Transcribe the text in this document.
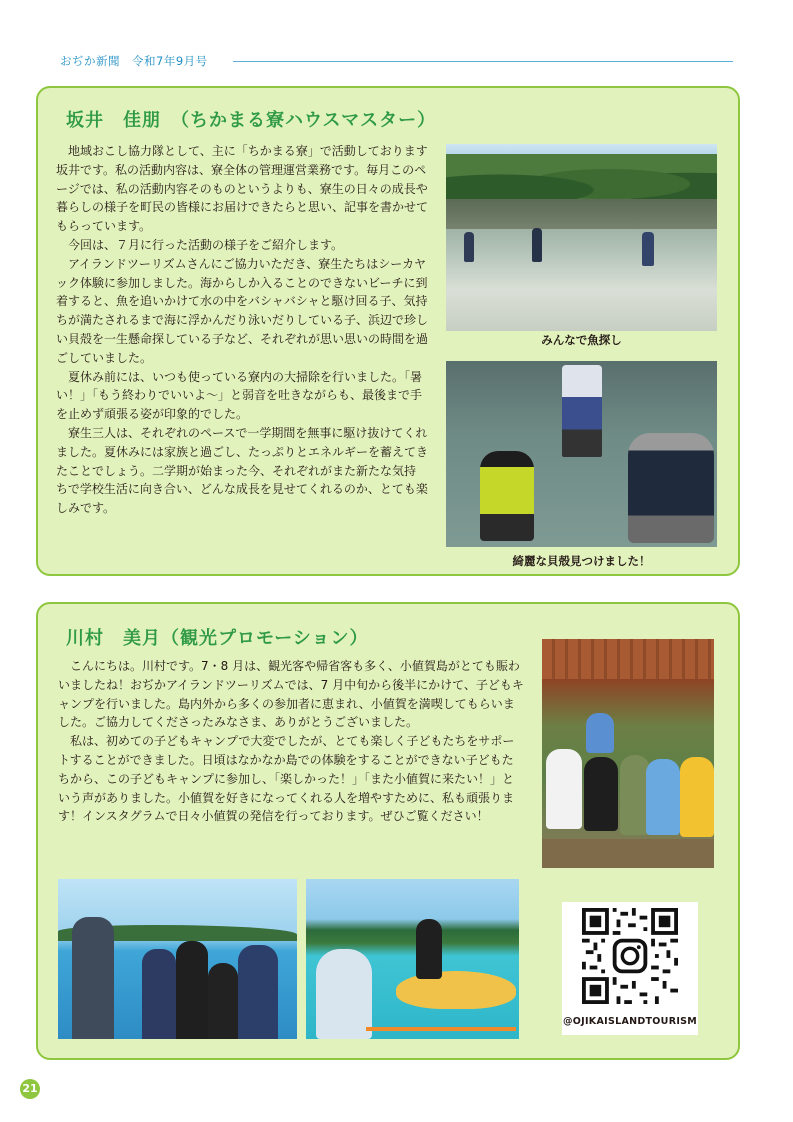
おぢか新聞　令和7年9月号
坂井　佳朋　（ちかまる寮ハウスマスター）

地域おこし協力隊として、主に「ちかまる寮」で活動しております坂井です。私の活動内容は、寮全体の管理運営業務です。毎月このページでは、私の活動内容そのものというよりも、寮生の日々の成長や暮らしの様子を町民の皆様にお届けできたらと思い、記事を書かせてもらっています。

今回は、７月に行った活動の様子をご紹介します。

アイランドツーリズムさんにご協力いただき、寮生たちはシーカヤック体験に参加しました。海からしか入ることのできないビーチに到着すると、魚を追いかけて水の中をバシャバシャと駆け回る子、気持ちが満たされるまで海に浮かんだり泳いだりしている子、浜辺で珍しい貝殻を一生懸命探している子など、それぞれが思い思いの時間を過ごしていました。

夏休み前には、いつも使っている寮内の大掃除を行いました。「暑い！」「もう終わりでいいよ～」と弱音を吐きながらも、最後まで手を止めず頑張る姿が印象的でした。

寮生三人は、それぞれのペースで一学期間を無事に駆け抜けてくれました。夏休みには家族と過ごし、たっぷりとエネルギーを蓄えてきたことでしょう。二学期が始まった今、それぞれがまた新たな気持ちで学校生活に向き合い、どんな成長を見せてくれるのか、とても楽しみです。

みんなで魚探し
綺麗な貝殻見つけました！
川村　美月（観光プロモーション）

こんにちは。川村です。7・8 月は、観光客や帰省客も多く、小値賀島がとても賑わいましたね！おぢかアイランドツーリズムでは、7 月中旬から後半にかけて、子どもキャンプを行いました。島内外から多くの参加者に恵まれ、小値賀を満喫してもらいました。ご協力してくださったみなさま、ありがとうございました。

私は、初めての子どもキャンプで大変でしたが、とても楽しく子どもたちをサポートすることができました。日頃はなかなか島での体験をすることができない子どもたちから、この子どもキャンプに参加し、「楽しかった！」「また小値賀に来たい！」という声がありました。小値賀を好きになってくれる人を増やすために、私も頑張ります！インスタグラムで日々小値賀の発信を行っております。ぜひご覧ください！

@OJIKAISLANDTOURISM
21
